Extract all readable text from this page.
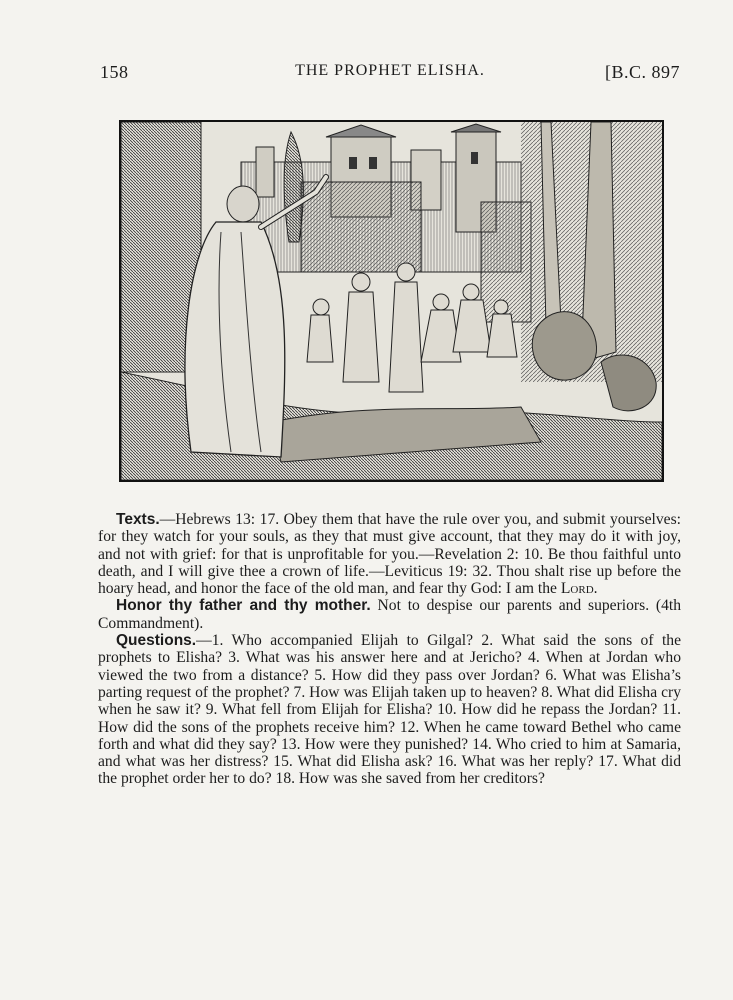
158	THE PROPHET ELISHA.	[B.C. 897

Texts.—Hebrews 13: 17. Obey them that have the rule over you, and submit yourselves: for they watch for your souls, as they that must give account, that they may do it with joy, and not with grief: for that is unprofitable for you.—Revelation 2: 10. Be thou faithful unto death, and I will give thee a crown of life.—Leviticus 19: 32. Thou shalt rise up before the hoary head, and honor the face of the old man, and fear thy God: I am the Lord.

Honor thy father and thy mother. Not to despise our parents and superiors. (4th Commandment).

Questions.—1. Who accompanied Elijah to Gilgal? 2. What said the sons of the prophets to Elisha? 3. What was his answer here and at Jericho? 4. When at Jordan who viewed the two from a distance? 5. How did they pass over Jordan? 6. What was Elisha’s parting request of the prophet? 7. How was Elijah taken up to heaven? 8. What did Elisha cry when he saw it? 9. What fell from Elijah for Elisha? 10. How did he repass the Jordan? 11. How did the sons of the prophets receive him? 12. When he came toward Bethel who came forth and what did they say? 13. How were they punished? 14. Who cried to him at Samaria, and what was her distress? 15. What did Elisha ask? 16. What was her reply? 17. What did the prophet order her to do? 18. How was she saved from her creditors?
